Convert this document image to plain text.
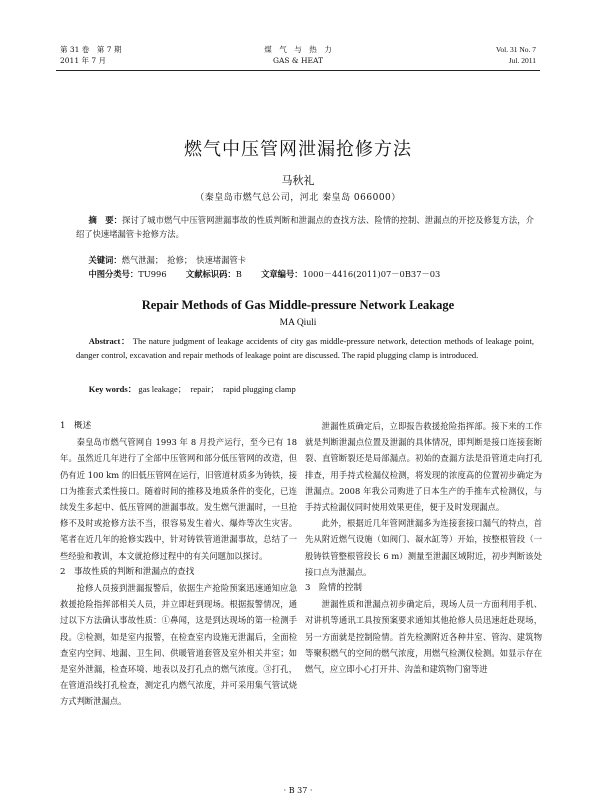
第 31 卷　第 7 期
2011 年 7 月
煤　气　与　热　力
GAS & HEAT
Vol. 31 No. 7
Jul. 2011
燃气中压管网泄漏抢修方法
马秋礼
（秦皇岛市燃气总公司，河北 秦皇岛 066000）
摘　要：探讨了城市燃气中压管网泄漏事故的性质判断和泄漏点的查找方法、险情的控制、泄漏点的开挖及修复方法，介绍了快速堵漏管卡抢修方法。
关键词：燃气泄漏；　抢修；　快速堵漏管卡
中图分类号：TU996 文献标识码：B 文章编号：1000－4416(2011)07－0B37－03
Repair Methods of Gas Middle-pressure Network Leakage
MA Qiuli
Abstract： The nature judgment of leakage accidents of city gas middle-pressure network, detection methods of leakage point, danger control, excavation and repair methods of leakage point are discussed. The rapid plugging clamp is introduced.
Key words： gas leakage；　repair；　rapid plugging clamp
1　概述

秦皇岛市燃气管网自 1993 年 8 月投产运行，至今已有 18 年。虽然近几年进行了全部中压管网和部分低压管网的改造，但仍有近 100 km 的旧低压管网在运行，旧管道材质多为铸铁，接口为推套式柔性接口。随着时间的推移及地质条件的变化，已连续发生多起中、低压管网的泄漏事故。发生燃气泄漏时，一旦抢修不及时或抢修方法不当，很容易发生着火、爆炸等次生灾害。笔者在近几年的抢修实践中，针对铸铁管道泄漏事故，总结了一些经验和教训，本文就抢修过程中的有关问题加以探讨。

2　事故性质的判断和泄漏点的查找

抢修人员接到泄漏报警后，依据生产抢险预案迅速通知应急救援抢险指挥部相关人员，并立即赶到现场。根据报警情况，通过以下方法确认事故性质：①鼻闻，这是到达现场的第一检测手段。②检测，如是室内报警，在检查室内设施无泄漏后，全面检查室内空间、地漏、卫生间、供暖管道套管及室外相关井室；如是室外泄漏，检查环境、地表以及打孔点的燃气浓度。③打孔，在管道沿线打孔检查，测定孔内燃气浓度，并可采用集气管试烧方式判断泄漏点。

泄漏性质确定后，立即报告救援抢险指挥部。接下来的工作就是判断泄漏点位置及泄漏的具体情况，即判断是接口连接套断裂、直管断裂还是局部漏点。初始的查漏方法是沿管道走向打孔排查，用手持式检漏仪检测，将发现的浓度高的位置初步确定为泄漏点。2008 年我公司购进了日本生产的手推车式检测仪，与手持式检漏仪同时使用效果更佳，便于及时发现漏点。

此外，根据近几年管网泄漏多为连接套接口漏气的特点，首先从附近燃气设施（如阀门、凝水缸等）开始，按整根管段（一般铸铁管整根管段长 6 m）测量至泄漏区域附近，初步判断该处接口点为泄漏点。

3　险情的控制

泄漏性质和泄漏点初步确定后，现场人员一方面利用手机、对讲机等通讯工具按预案要求通知其他抢修人员迅速赶赴现场，另一方面就是控制险情。首先检测附近各种井室、管沟、建筑物等聚积燃气的空间的燃气浓度，用燃气检测仪检测。如显示存在燃气，应立即小心打开井、沟盖和建筑物门窗等进

· B 37 ·
